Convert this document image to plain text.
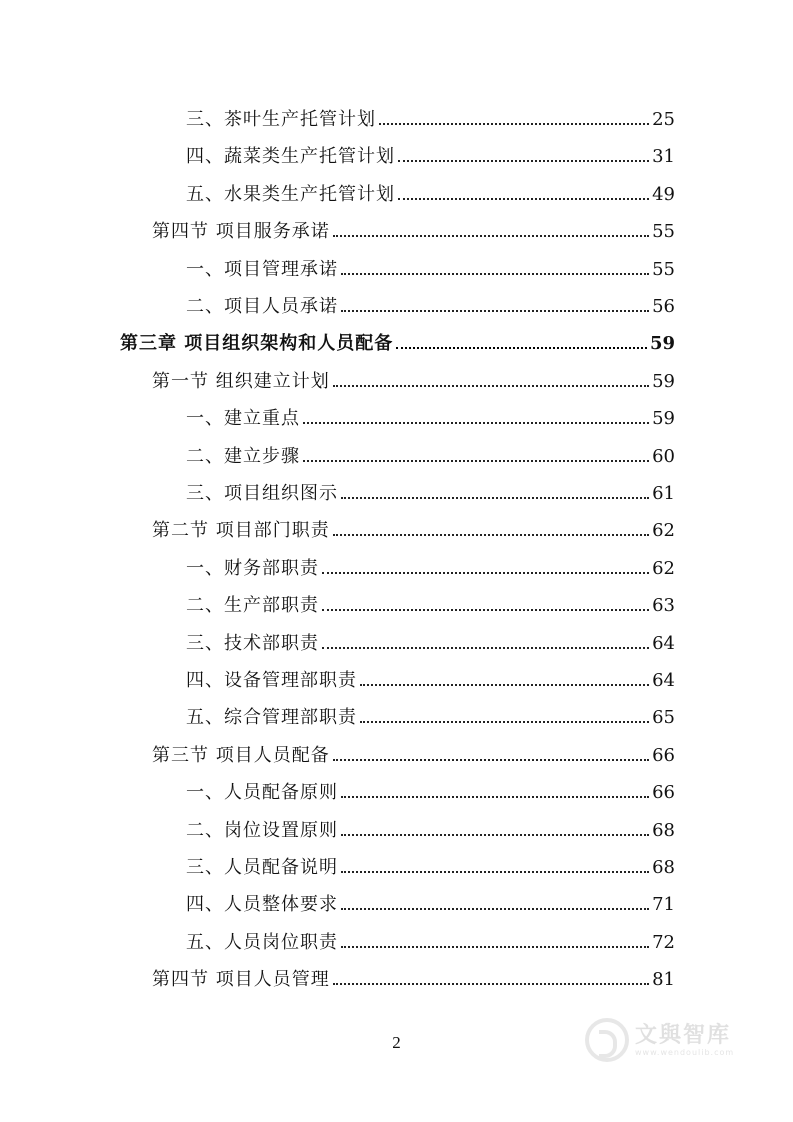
三、茶叶生产托管计划	25
四、蔬菜类生产托管计划	31
五、水果类生产托管计划	49
第四节 项目服务承诺	55
一、项目管理承诺	55
二、项目人员承诺	56
第三章 项目组织架构和人员配备	59
第一节 组织建立计划	59
一、建立重点	59
二、建立步骤	60
三、项目组织图示	61
第二节 项目部门职责	62
一、财务部职责	62
二、生产部职责	63
三、技术部职责	64
四、设备管理部职责	64
五、综合管理部职责	65
第三节 项目人员配备	66
一、人员配备原则	66
二、岗位设置原则	68
三、人员配备说明	68
四、人员整体要求	71
五、人员岗位职责	72
第四节 项目人员管理	81
2	文與智库
www.wendoulib.com
